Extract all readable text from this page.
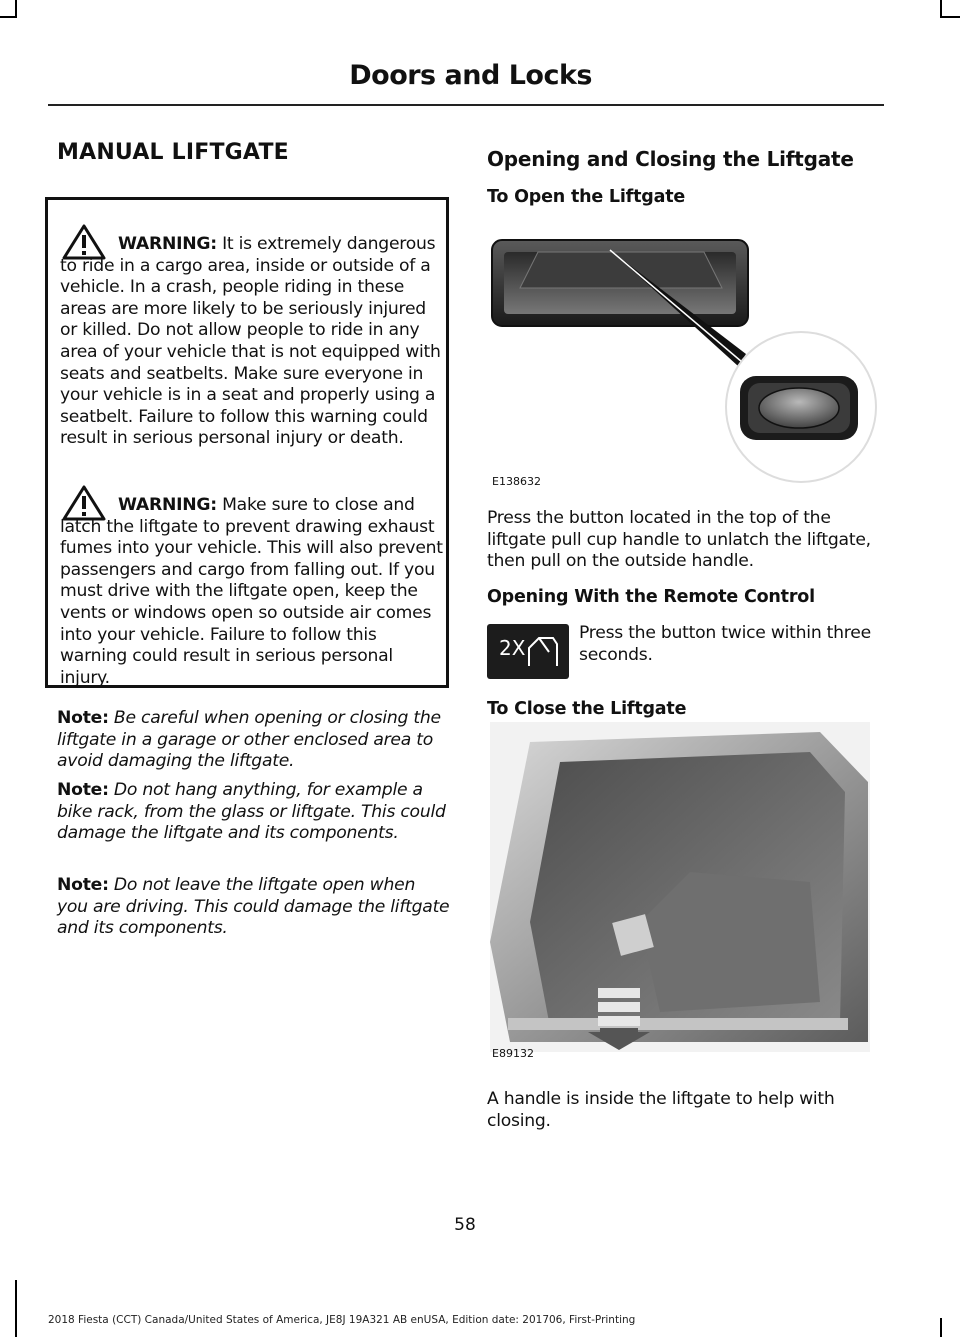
Doors and Locks
MANUAL LIFTGATE
WARNING: It is extremely dangerous to ride in a cargo area, inside or outside of a vehicle. In a crash, people riding in these areas are more likely to be seriously injured or killed. Do not allow people to ride in any area of your vehicle that is not equipped with seats and seatbelts. Make sure everyone in your vehicle is in a seat and properly using a seatbelt. Failure to follow this warning could result in serious personal injury or death.
WARNING: Make sure to close and latch the liftgate to prevent drawing exhaust fumes into your vehicle. This will also prevent passengers and cargo from falling out. If you must drive with the liftgate open, keep the vents or windows open so outside air comes into your vehicle. Failure to follow this warning could result in serious personal injury.
Note: Be careful when opening or closing the liftgate in a garage or other enclosed area to avoid damaging the liftgate.
Note: Do not hang anything, for example a bike rack, from the glass or liftgate. This could damage the liftgate and its components.
Note: Do not leave the liftgate open when you are driving. This could damage the liftgate and its components.
Opening and Closing the Liftgate
To Open the Liftgate
E138632
Press the button located in the top of the liftgate pull cup handle to unlatch the liftgate, then pull on the outside handle.
Opening With the Remote Control
2X
Press the button twice within three seconds.
To Close the Liftgate
E89132
A handle is inside the liftgate to help with closing.
58
2018 Fiesta (CCT) Canada/United States of America, JE8J 19A321 AB enUSA, Edition date: 201706, First-Printing
